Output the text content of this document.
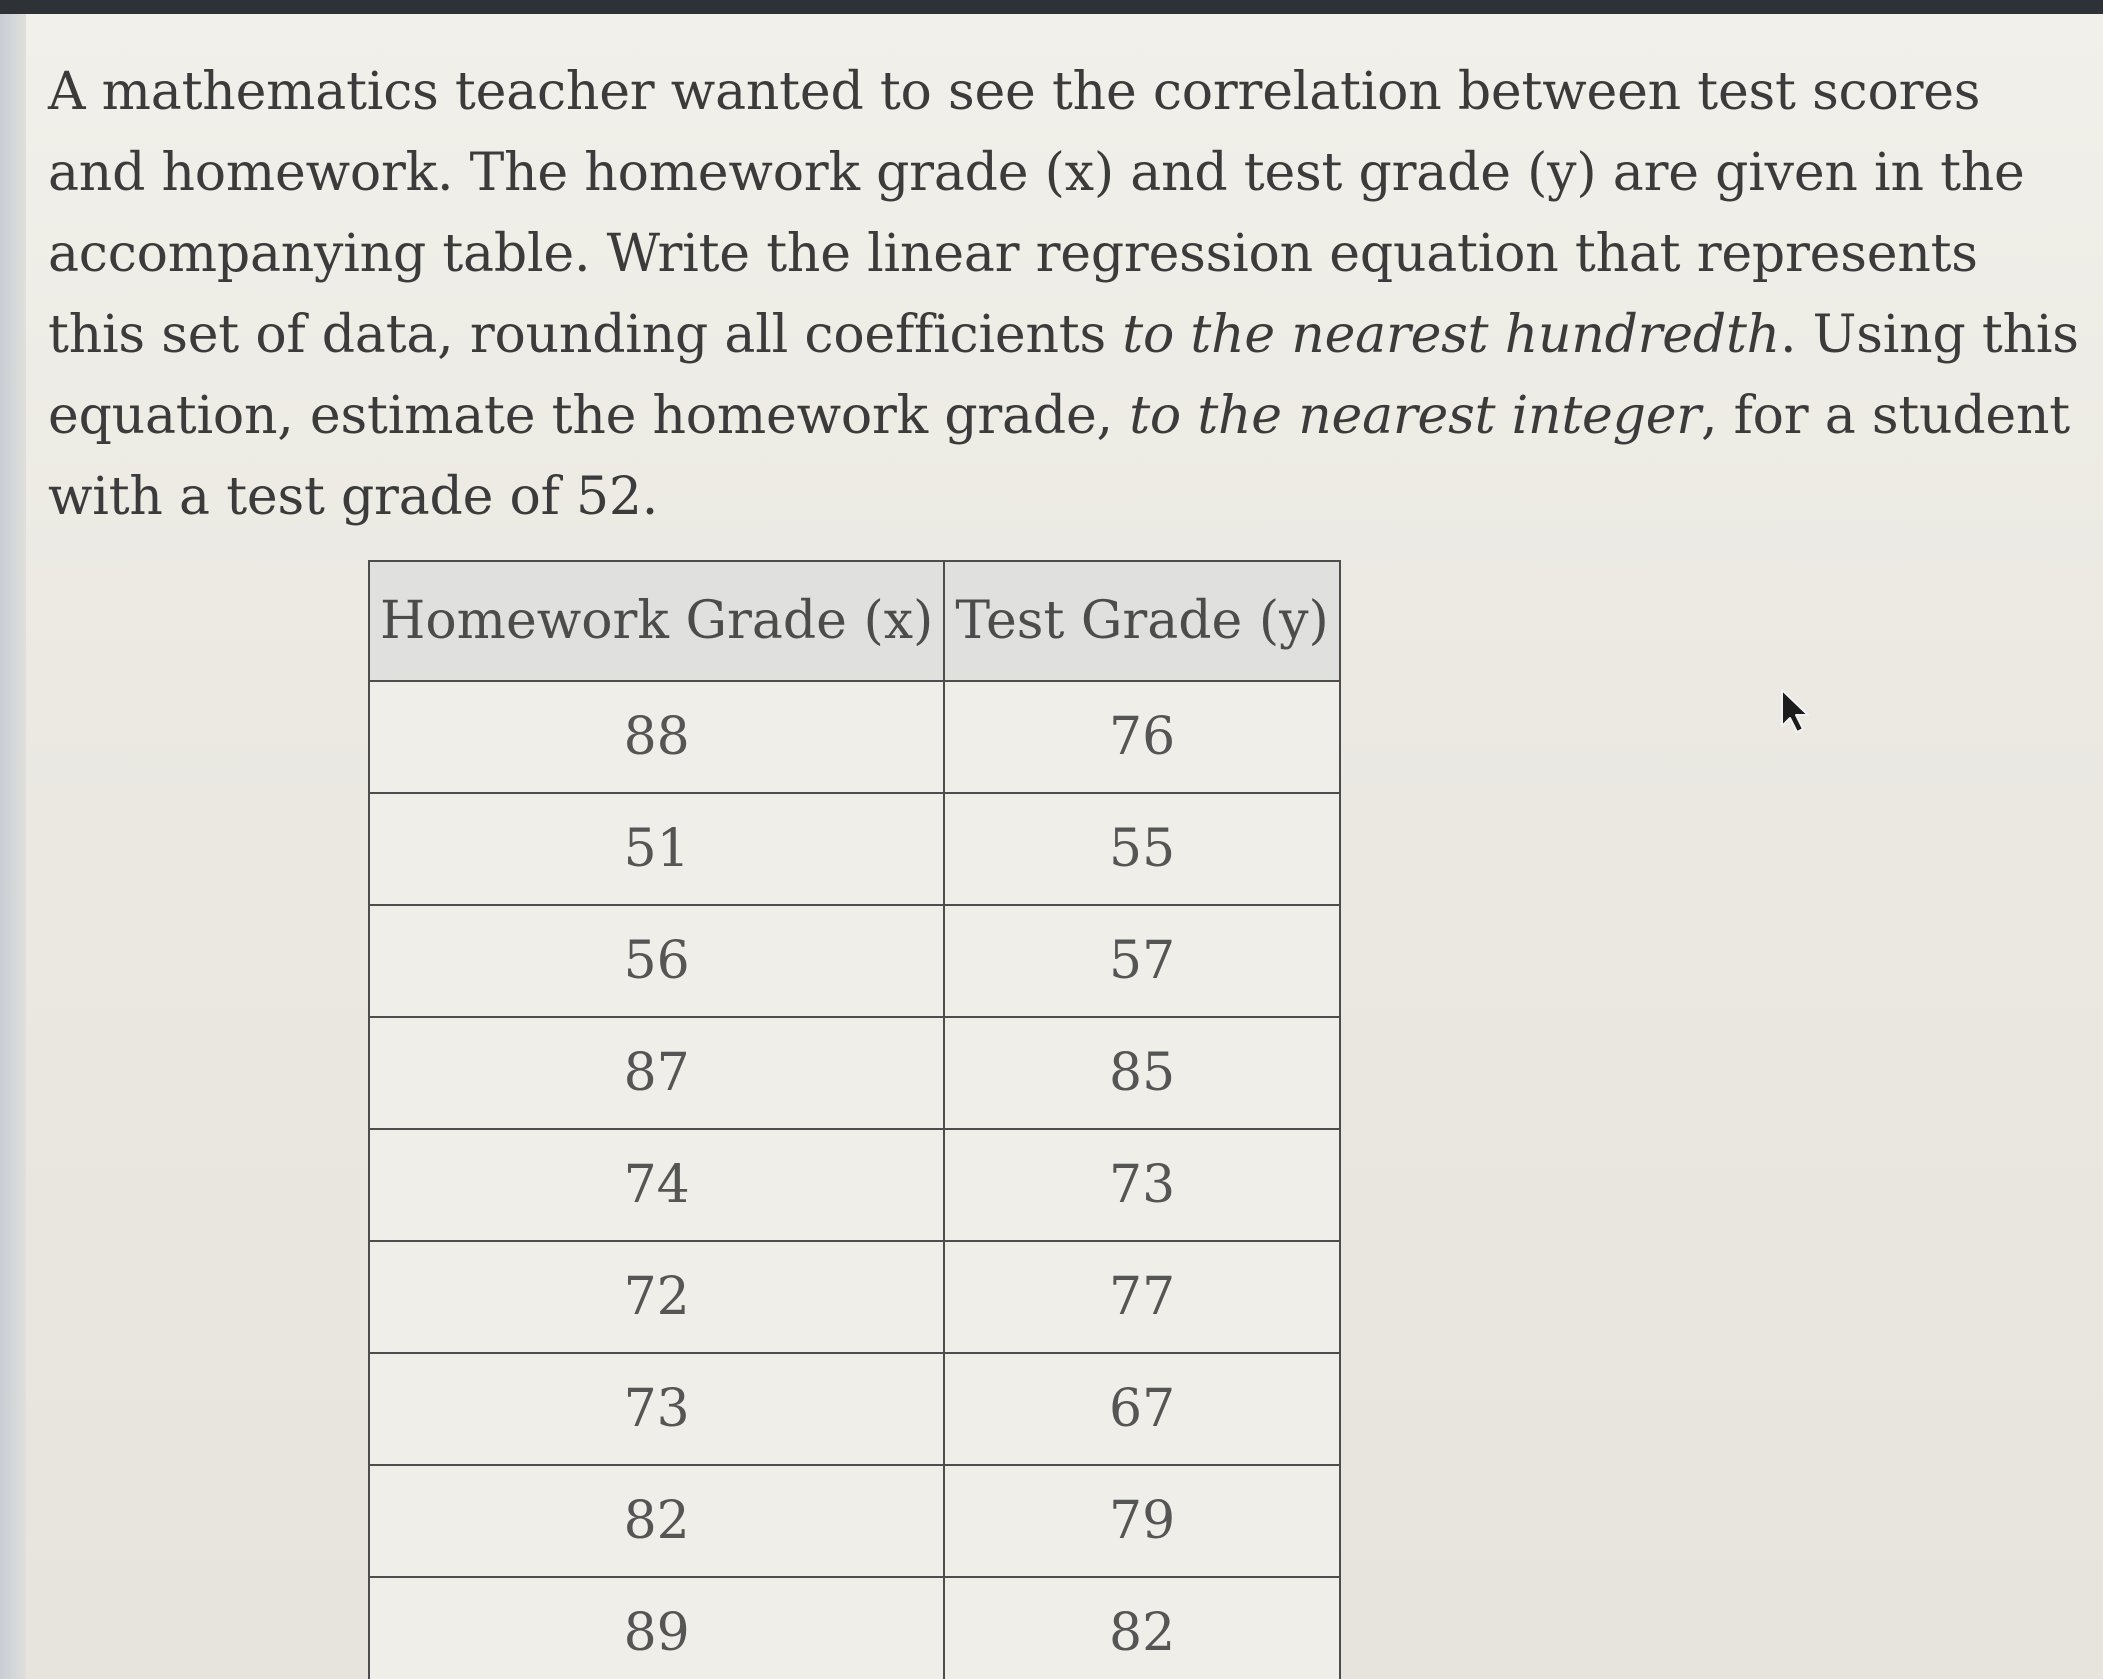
A mathematics teacher wanted to see the correlation between test scores and homework. The homework grade (x) and test grade (y) are given in the accompanying table. Write the linear regression equation that represents this set of data, rounding all coefficients to the nearest hundredth. Using this equation, estimate the homework grade, to the nearest integer, for a student with a test grade of 52.

Homework Grade (x)	Test Grade (y)
88	76
51	55
56	57
87	85
74	73
72	77
73	67
82	79
89	82
